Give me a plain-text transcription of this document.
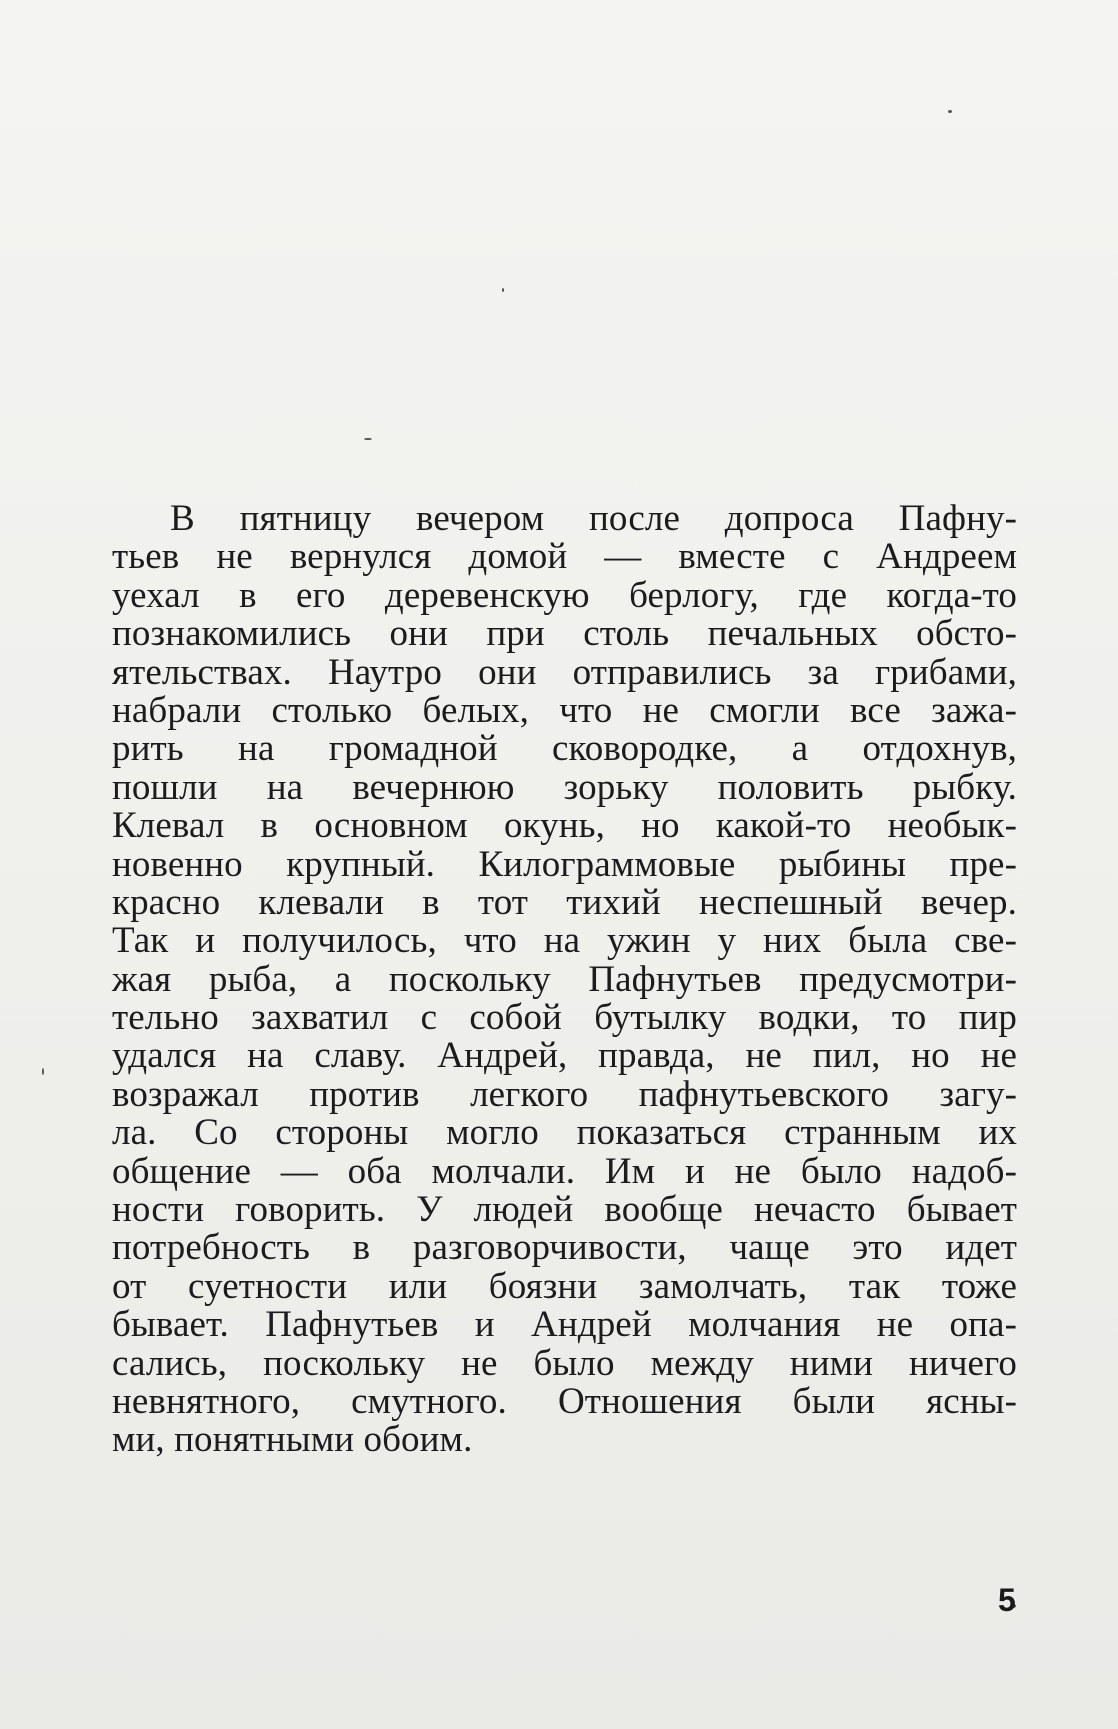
В пятницу вечером после допроса Пафну-
тьев не вернулся домой — вместе с Андреем
уехал в его деревенскую берлогу, где когда-то
познакомились они при столь печальных обсто-
ятельствах. Наутро они отправились за грибами,
набрали столько белых, что не смогли все зажа-
рить на громадной сковородке, а отдохнув,
пошли на вечернюю зорьку половить рыбку.
Клевал в основном окунь, но какой-то необык-
новенно крупный. Килограммовые рыбины пре-
красно клевали в тот тихий неспешный вечер.
Так и получилось, что на ужин у них была све-
жая рыба, а поскольку Пафнутьев предусмотри-
тельно захватил с собой бутылку водки, то пир
удался на славу. Андрей, правда, не пил, но не
возражал против легкого пафнутьевского загу-
ла. Со стороны могло показаться странным их
общение — оба молчали. Им и не было надоб-
ности говорить. У людей вообще нечасто бывает
потребность в разговорчивости, чаще это идет
от суетности или боязни замолчать, так тоже
бывает. Пафнутьев и Андрей молчания не опа-
сались, поскольку не было между ними ничего
невнятного, смутного. Отношения были ясны-
ми, понятными обоим.
5
